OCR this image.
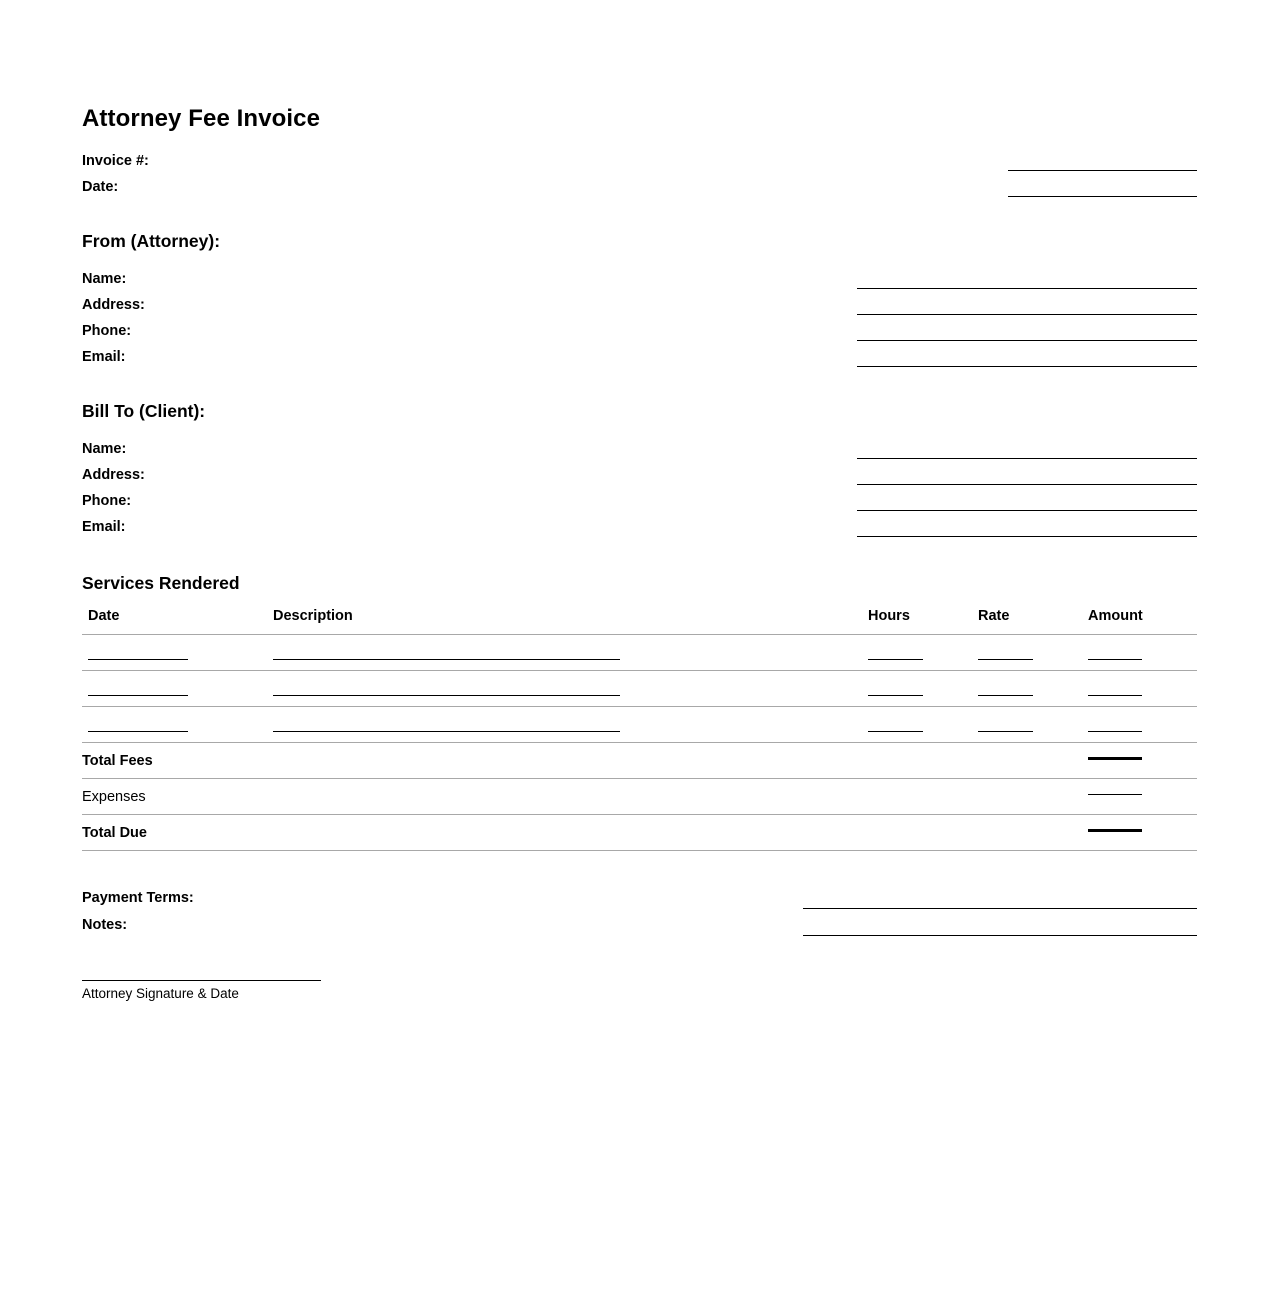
Attorney Fee Invoice
Invoice #:
Date:
From (Attorney):
Name:
Address:
Phone:
Email:
Bill To (Client):
Name:
Address:
Phone:
Email:
Services Rendered
Date	Description	Hours	Rate	Amount

Total Fees				

Expenses				

Total Due				
Payment Terms:
Notes:
Attorney Signature & Date
